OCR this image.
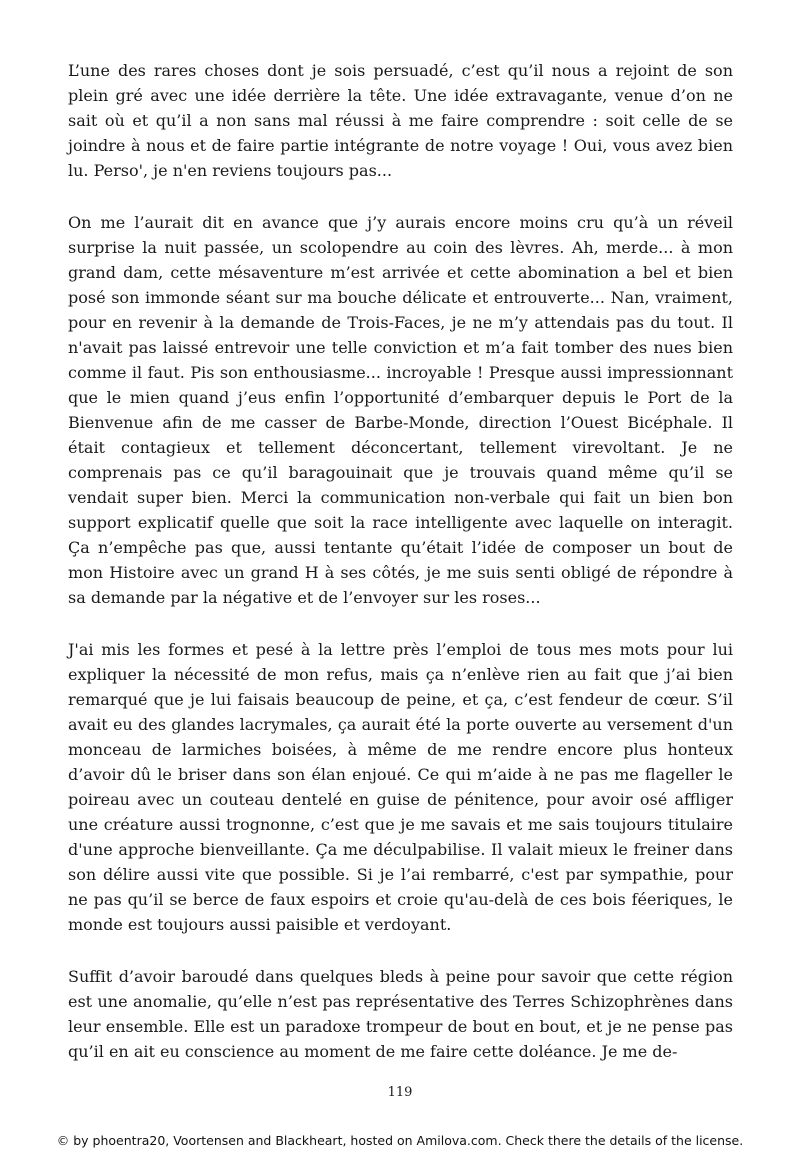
L’une des rares choses dont je sois persuadé, c’est qu’il nous a rejoint de son plein gré avec une idée derrière la tête. Une idée extravagante, venue d’on ne sait où et qu’il a non sans mal réussi à me faire comprendre : soit celle de se joindre à nous et de faire partie intégrante de notre voyage ! Oui, vous avez bien lu. Perso', je n'en reviens toujours pas...

On me l’aurait dit en avance que j’y aurais encore moins cru qu’à un réveil surprise la nuit passée, un scolopendre au coin des lèvres. Ah, merde... à mon grand dam, cette mésaventure m’est arrivée et cette abomination a bel et bien posé son immonde séant sur ma bouche délicate et entrouverte... Nan, vraiment, pour en revenir à la demande de Trois-Faces, je ne m’y attendais pas du tout. Il n'avait pas laissé entrevoir une telle conviction et m’a fait tomber des nues bien comme il faut. Pis son enthousiasme... incroyable ! Presque aussi impressionnant que le mien quand j’eus enfin l’opportunité d’embarquer depuis le Port de la Bienvenue afin de me casser de Barbe-Monde, direction l’Ouest Bicéphale. Il était contagieux et tellement déconcertant, tellement virevoltant. Je ne comprenais pas ce qu’il baragouinait que je trouvais quand même qu’il se vendait super bien. Merci la communication non-verbale qui fait un bien bon support explicatif quelle que soit la race intelligente avec laquelle on interagit. Ça n’empêche pas que, aussi tentante qu’était l’idée de composer un bout de mon Histoire avec un grand H à ses côtés, je me suis senti obligé de répondre à sa demande par la négative et de l’envoyer sur les roses...

J'ai mis les formes et pesé à la lettre près l’emploi de tous mes mots pour lui expliquer la nécessité de mon refus, mais ça n’enlève rien au fait que j’ai bien remarqué que je lui faisais beaucoup de peine, et ça, c’est fendeur de cœur. S’il avait eu des glandes lacrymales, ça aurait été la porte ouverte au versement d'un monceau de larmiches boisées, à même de me rendre encore plus honteux d’avoir dû le briser dans son élan enjoué. Ce qui m’aide à ne pas me flageller le poireau avec un couteau dentelé en guise de pénitence, pour avoir osé affliger une créature aussi trognonne, c’est que je me savais et me sais toujours titulaire d'une approche bienveillante. Ça me déculpabilise. Il valait mieux le freiner dans son délire aussi vite que possible. Si je l’ai rembarré, c'est par sympathie, pour ne pas qu’il se berce de faux espoirs et croie qu'au-delà de ces bois féeriques, le monde est toujours aussi paisible et verdoyant.

Suffit d’avoir baroudé dans quelques bleds à peine pour savoir que cette région est une anomalie, qu’elle n’est pas représentative des Terres Schizophrènes dans leur ensemble. Elle est un paradoxe trompeur de bout en bout, et je ne pense pas qu’il en ait eu conscience au moment de me faire cette doléance. Je me de-

119
© by phoentra20, Voortensen and Blackheart, hosted on Amilova.com. Check there the details of the license.
